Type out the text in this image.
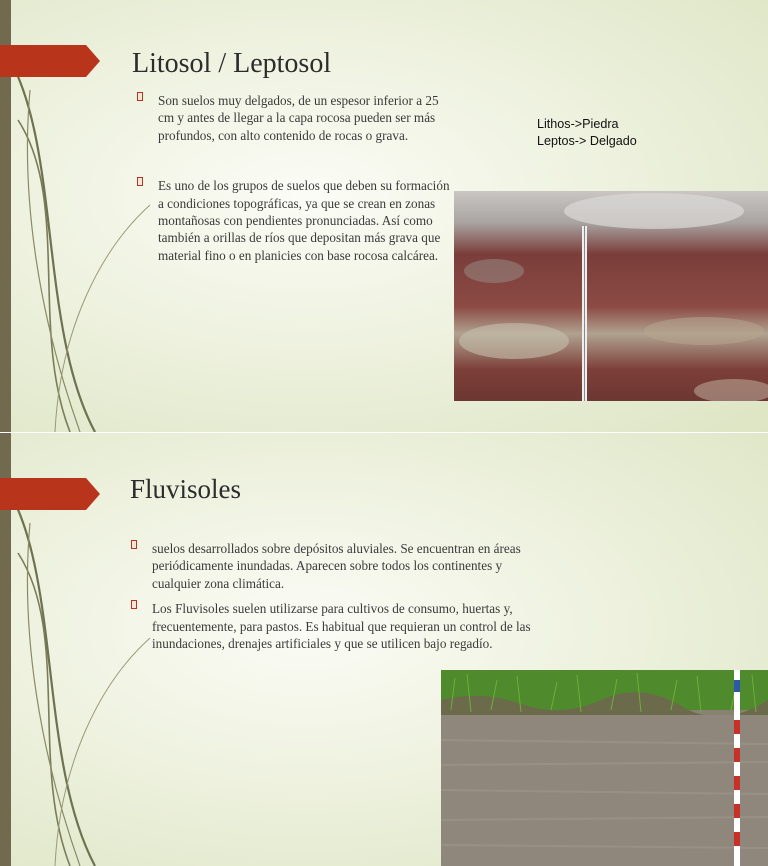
Litosol / Leptosol
Son suelos muy delgados, de un espesor inferior a 25 cm y antes de llegar a la capa rocosa pueden ser más profundos, con alto contenido de rocas o grava.
Es uno de los grupos de suelos que deben su formación a condiciones topográficas, ya que se crean en zonas montañosas con pendientes pronunciadas. Así como también a orillas de ríos que depositan más grava que material fino o en planicies con base rocosa calcárea.
Lithos->Piedra
Leptos-> Delgado
Fluvisoles
suelos desarrollados sobre depósitos aluviales. Se encuentran en áreas periódicamente inundadas. Aparecen sobre todos los continentes y cualquier zona climática.
Los Fluvisoles suelen utilizarse para cultivos de consumo, huertas y, frecuentemente, para pastos. Es habitual que requieran un control de las inundaciones, drenajes artificiales y que se utilicen bajo regadío.
